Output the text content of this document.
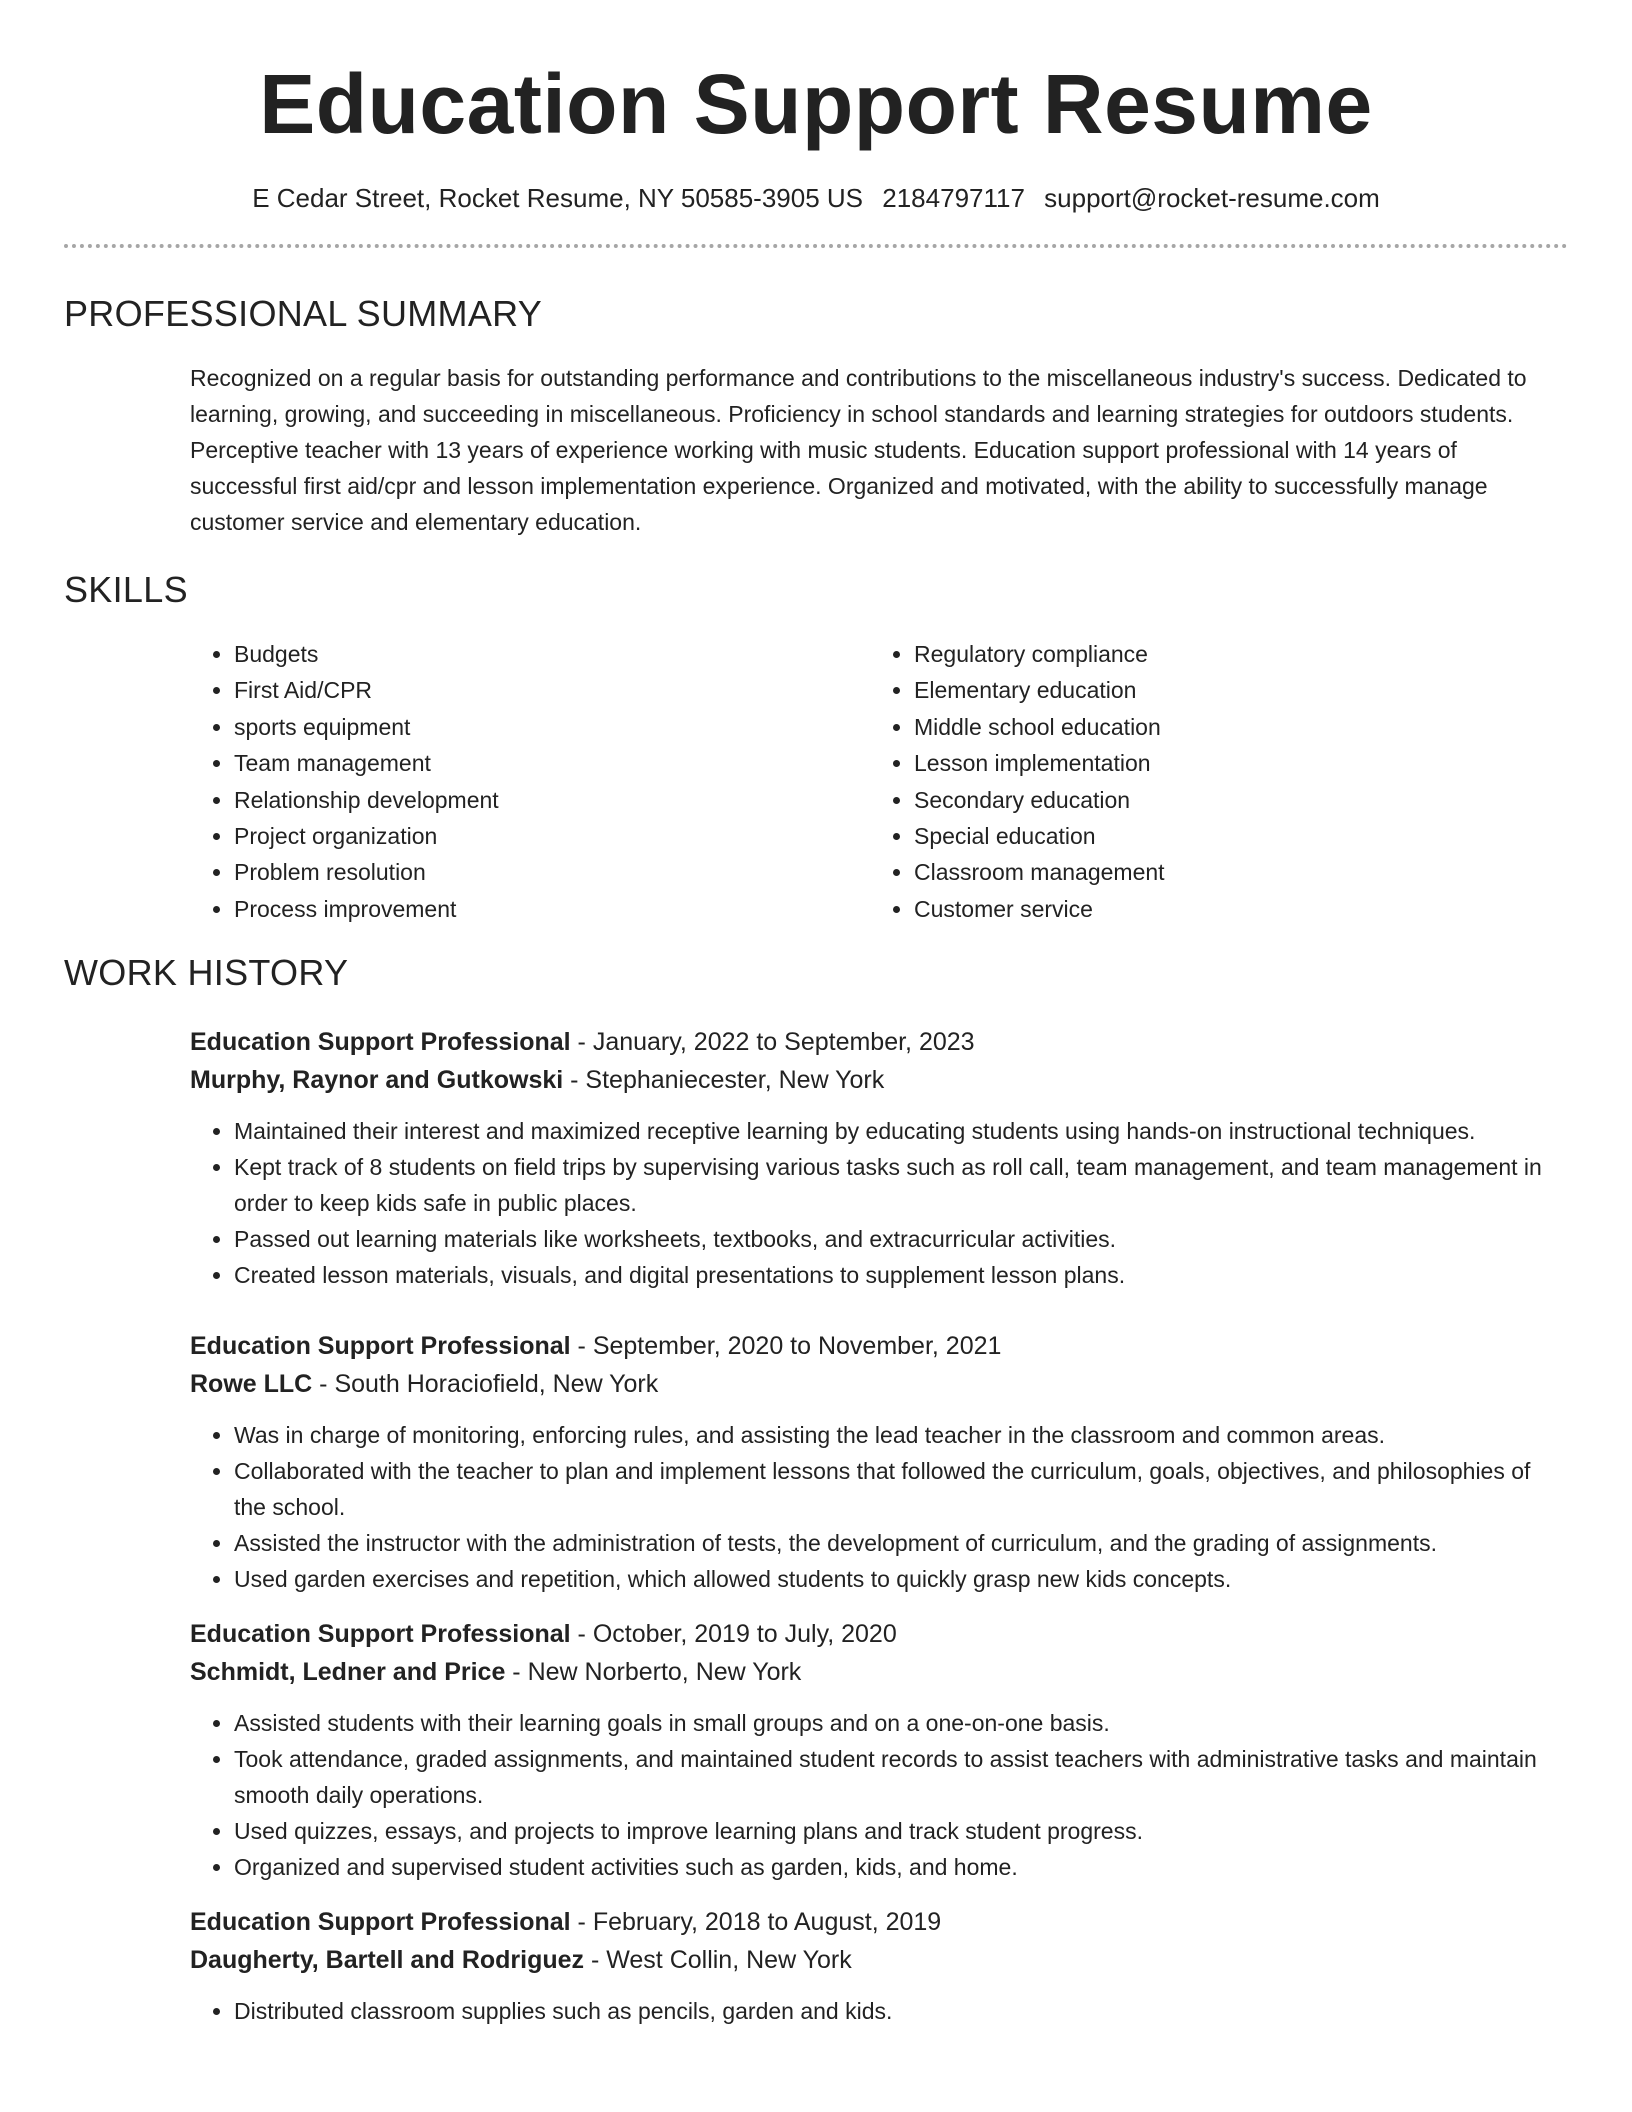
Education Support Resume
E Cedar Street, Rocket Resume, NY 50585-3905 US 2184797117 support@rocket-resume.com
PROFESSIONAL SUMMARY

Recognized on a regular basis for outstanding performance and contributions to the miscellaneous industry's success. Dedicated to learning, growing, and succeeding in miscellaneous. Proficiency in school standards and learning strategies for outdoors students. Perceptive teacher with 13 years of experience working with music students. Education support professional with 14 years of successful first aid/cpr and lesson implementation experience. Organized and motivated, with the ability to successfully manage customer service and elementary education.

SKILLS
• Budgets
• First Aid/CPR
• sports equipment
• Team management
• Relationship development
• Project organization
• Problem resolution
• Process improvement
• Regulatory compliance
• Elementary education
• Middle school education
• Lesson implementation
• Secondary education
• Special education
• Classroom management
• Customer service
WORK HISTORY
Education Support Professional - January, 2022 to September, 2023
Murphy, Raynor and Gutkowski - Stephaniecester, New York
• Maintained their interest and maximized receptive learning by educating students using hands-on instructional techniques.
• Kept track of 8 students on field trips by supervising various tasks such as roll call, team management, and team management in order to keep kids safe in public places.
• Passed out learning materials like worksheets, textbooks, and extracurricular activities.
• Created lesson materials, visuals, and digital presentations to supplement lesson plans.
Education Support Professional - September, 2020 to November, 2021
Rowe LLC - South Horaciofield, New York
• Was in charge of monitoring, enforcing rules, and assisting the lead teacher in the classroom and common areas.
• Collaborated with the teacher to plan and implement lessons that followed the curriculum, goals, objectives, and philosophies of the school.
• Assisted the instructor with the administration of tests, the development of curriculum, and the grading of assignments.
• Used garden exercises and repetition, which allowed students to quickly grasp new kids concepts.
Education Support Professional - October, 2019 to July, 2020
Schmidt, Ledner and Price - New Norberto, New York
• Assisted students with their learning goals in small groups and on a one-on-one basis.
• Took attendance, graded assignments, and maintained student records to assist teachers with administrative tasks and maintain smooth daily operations.
• Used quizzes, essays, and projects to improve learning plans and track student progress.
• Organized and supervised student activities such as garden, kids, and home.
Education Support Professional - February, 2018 to August, 2019
Daugherty, Bartell and Rodriguez - West Collin, New York
• Distributed classroom supplies such as pencils, garden and kids.
